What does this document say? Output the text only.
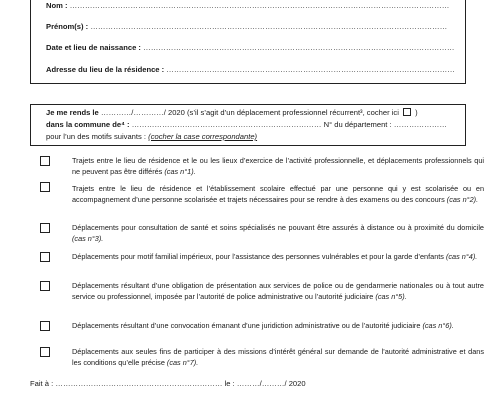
Nom : ……………………………………………………………………………………………………………………………………
Prénom(s) : ……………………………………………………………………………………………………………………………
Date et lieu de naissance : ……………………………………………………………………………………………………………
Adresse du lieu de la résidence : ……………………………………………………………………………………………………
Je me rends le …………/…………/ 2020 (s’il s’agit d’un déplacement professionnel récurrent³, cocher ici )
dans la commune de⁴ : ………………………………………………………………… N° du département : …………………
pour l’un des motifs suivants : (cocher la case correspondante)
Trajets entre le lieu de résidence et le ou les lieux d’exercice de l’activité professionnelle, et déplacements professionnels qui ne peuvent pas être différés (cas n°1).
Trajets entre le lieu de résidence et l’établissement scolaire effectué par une personne qui y est scolarisée ou en accompagnement d’une personne scolarisée et trajets nécessaires pour se rendre à des examens ou des concours (cas n°2).
Déplacements pour consultation de santé et soins spécialisés ne pouvant être assurés à distance ou à proximité du domicile (cas n°3).
Déplacements pour motif familial impérieux, pour l’assistance des personnes vulnérables et pour la garde d’enfants (cas n°4).
Déplacements résultant d’une obligation de présentation aux services de police ou de gendarmerie nationales ou à tout autre service ou professionnel, imposée par l’autorité de police administrative ou l’autorité judiciaire (cas n°5).
Déplacements résultant d’une convocation émanant d’une juridiction administrative ou de l’autorité judiciaire (cas n°6).
Déplacements aux seules fins de participer à des missions d’intérêt général sur demande de l’autorité administrative et dans les conditions qu’elle précise (cas n°7).
Fait à : ………………………………………………………… le : ………/………/ 2020
